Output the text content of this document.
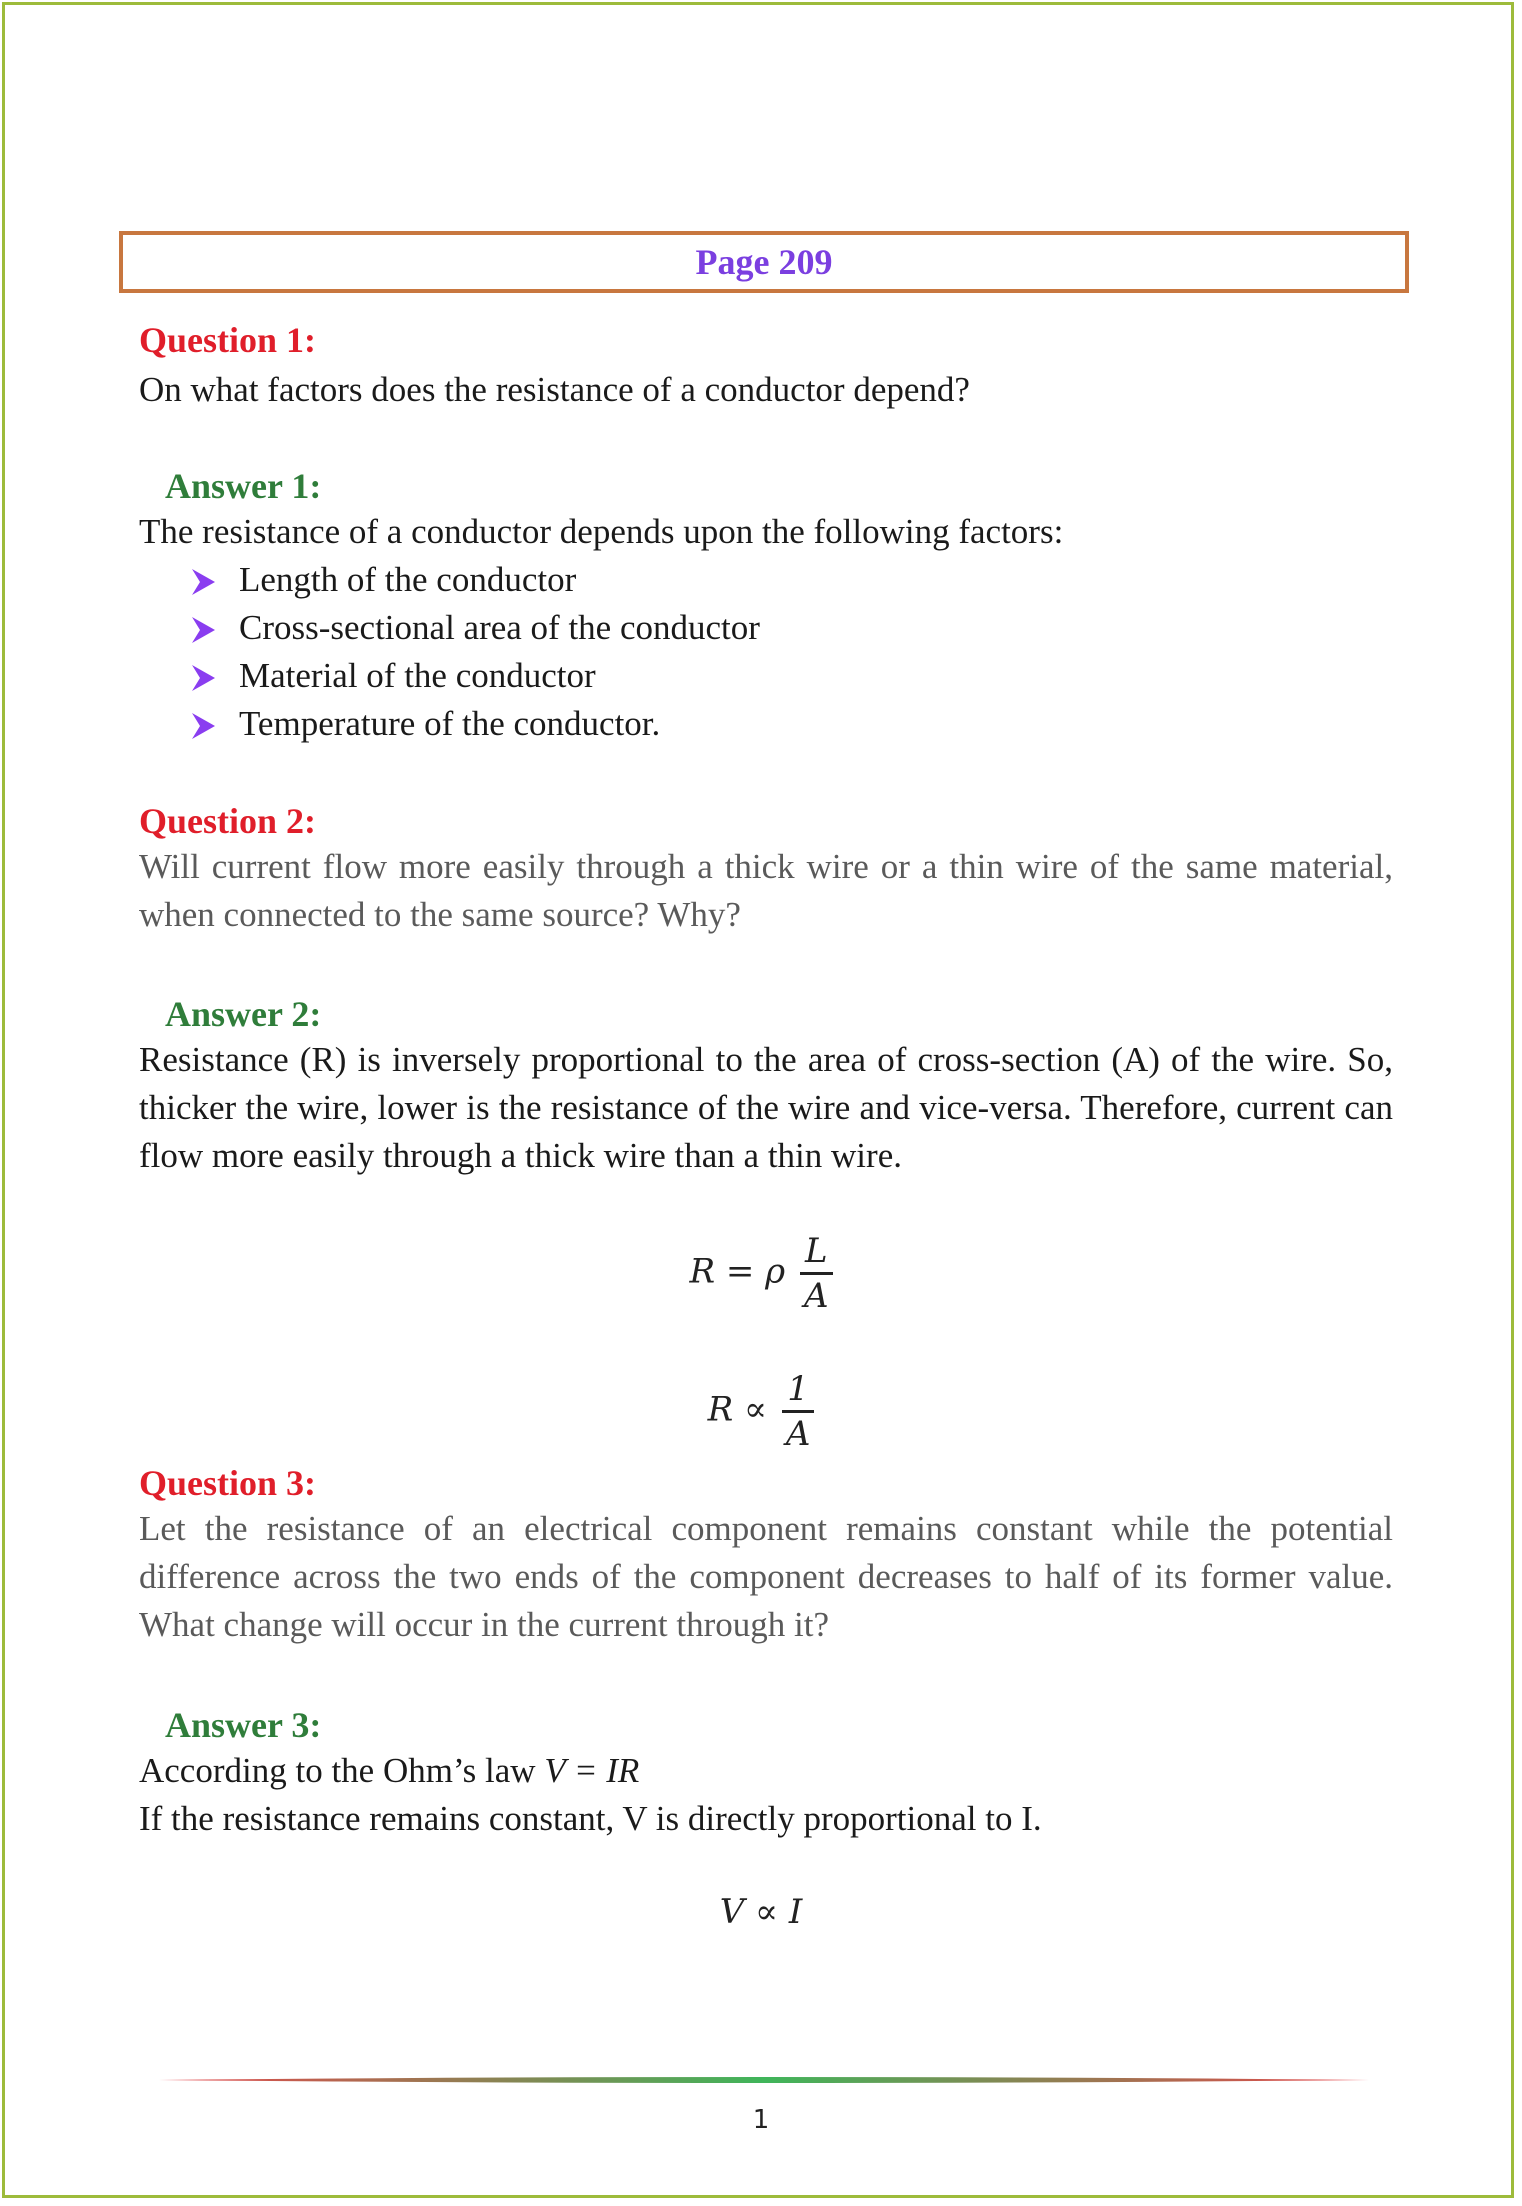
Page 209
Question 1:
On what factors does the resistance of a conductor depend?
Answer 1:
The resistance of a conductor depends upon the following factors:
Length of the conductor
Cross-sectional area of the conductor
Material of the conductor
Temperature of the conductor.
Question 2:
Will current flow more easily through a thick wire or a thin wire of the same material, when connected to the same source? Why?
Answer 2:
Resistance (R) is inversely proportional to the area of cross-section (A) of the wire. So, thicker the wire, lower is the resistance of the wire and vice-versa. Therefore, current can flow more easily through a thick wire than a thin wire.
R = ρ $\frac{L}{A}$
$R \propto \frac{1}{A}$
Question 3:
Let the resistance of an electrical component remains constant while the potential difference across the two ends of the component decreases to half of its former value. What change will occur in the current through it?
Answer 3:
According to the Ohm’s law V = IR
If the resistance remains constant, V is directly proportional to I.
V ∝ I
1
